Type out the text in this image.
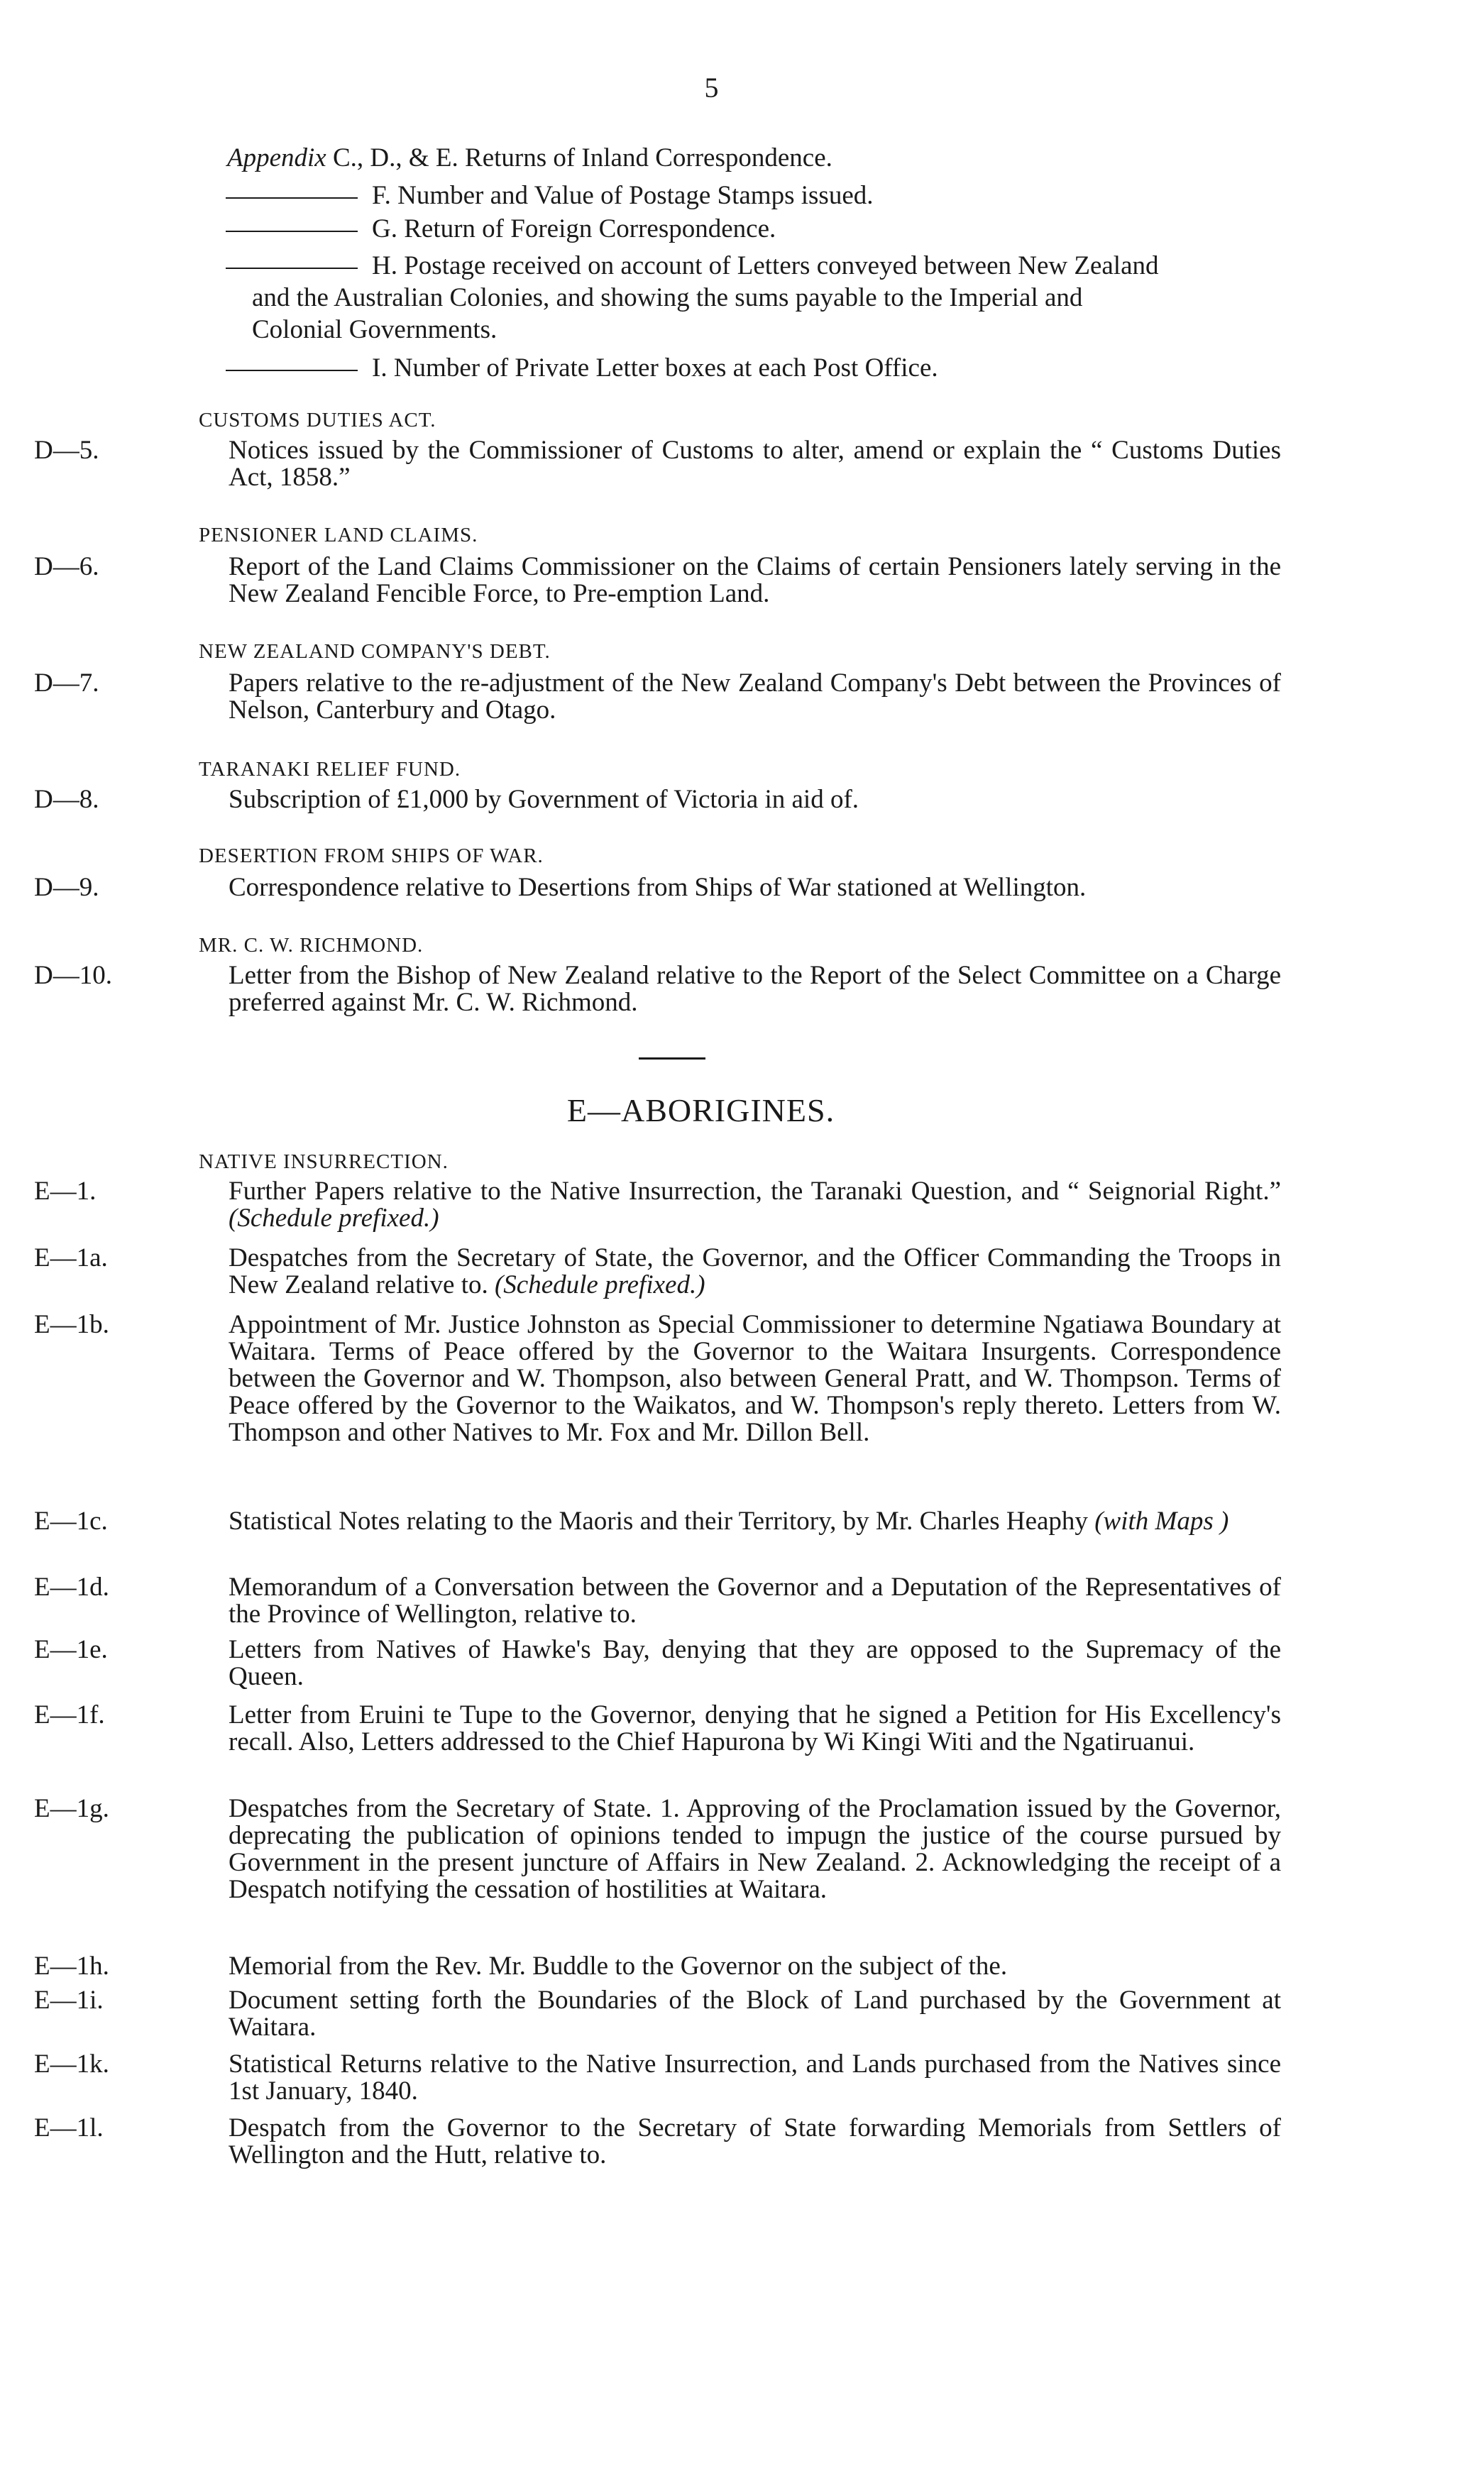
5
Appendix C., D., & E. Returns of Inland Correspondence.
F. Number and Value of Postage Stamps issued.
G. Return of Foreign Correspondence.
H. Postage received on account of Letters conveyed between New Zealand
and the Australian Colonies, and showing the sums payable to the Imperial and
Colonial Governments.
I. Number of Private Letter boxes at each Post Office.
CUSTOMS DUTIES ACT.
D—5.	Notices issued by the Commissioner of Customs to alter, amend or explain the “ Customs Duties Act, 1858.”
PENSIONER LAND CLAIMS.
D—6.	Report of the Land Claims Commissioner on the Claims of certain Pensioners lately serving in the New Zealand Fencible Force, to Pre-emption Land.
NEW ZEALAND COMPANY'S DEBT.
D—7.	Papers relative to the re-adjustment of the New Zealand Company's Debt between the Provinces of Nelson, Canterbury and Otago.
TARANAKI RELIEF FUND.
D—8.	Subscription of £1,000 by Government of Victoria in aid of.
DESERTION FROM SHIPS OF WAR.
D—9.	Correspondence relative to Desertions from Ships of War stationed at Wellington.
MR. C. W. RICHMOND.
D—10.	Letter from the Bishop of New Zealand relative to the Report of the Select Committee on a Charge preferred against Mr. C. W. Richmond.
E—ABORIGINES.
NATIVE INSURRECTION.
E—1.	Further Papers relative to the Native Insurrection, the Taranaki Question, and “ Seignorial Right.” (Schedule prefixed.)
E—1a.	Despatches from the Secretary of State, the Governor, and the Officer Commanding the Troops in New Zealand relative to. (Schedule prefixed.)
E—1b.	Appointment of Mr. Justice Johnston as Special Commissioner to determine Ngatiawa Boundary at Waitara. Terms of Peace offered by the Governor to the Waitara Insurgents. Correspondence between the Governor and W. Thompson, also between General Pratt, and W. Thompson. Terms of Peace offered by the Governor to the Waikatos, and W. Thompson's reply thereto. Letters from W. Thompson and other Natives to Mr. Fox and Mr. Dillon Bell.
E—1c.	Statistical Notes relating to the Maoris and their Territory, by Mr. Charles Heaphy (with Maps )
E—1d.	Memorandum of a Conversation between the Governor and a Deputation of the Representatives of the Province of Wellington, relative to.
E—1e.	Letters from Natives of Hawke's Bay, denying that they are opposed to the Supremacy of the Queen.
E—1f.	Letter from Eruini te Tupe to the Governor, denying that he signed a Petition for His Excellency's recall. Also, Letters addressed to the Chief Hapurona by Wi Kingi Witi and the Ngatiruanui.
E—1g.	Despatches from the Secretary of State. 1. Approving of the Proclamation issued by the Governor, deprecating the publication of opinions tended to impugn the justice of the course pursued by Government in the present juncture of Affairs in New Zealand. 2. Acknowledging the receipt of a Despatch notifying the cessation of hostilities at Waitara.
E—1h.	Memorial from the Rev. Mr. Buddle to the Governor on the subject of the.
E—1i.	Document setting forth the Boundaries of the Block of Land purchased by the Government at Waitara.
E—1k.	Statistical Returns relative to the Native Insurrection, and Lands purchased from the Natives since 1st January, 1840.
E—1l.	Despatch from the Governor to the Secretary of State forwarding Memorials from Settlers of Wellington and the Hutt, relative to.
